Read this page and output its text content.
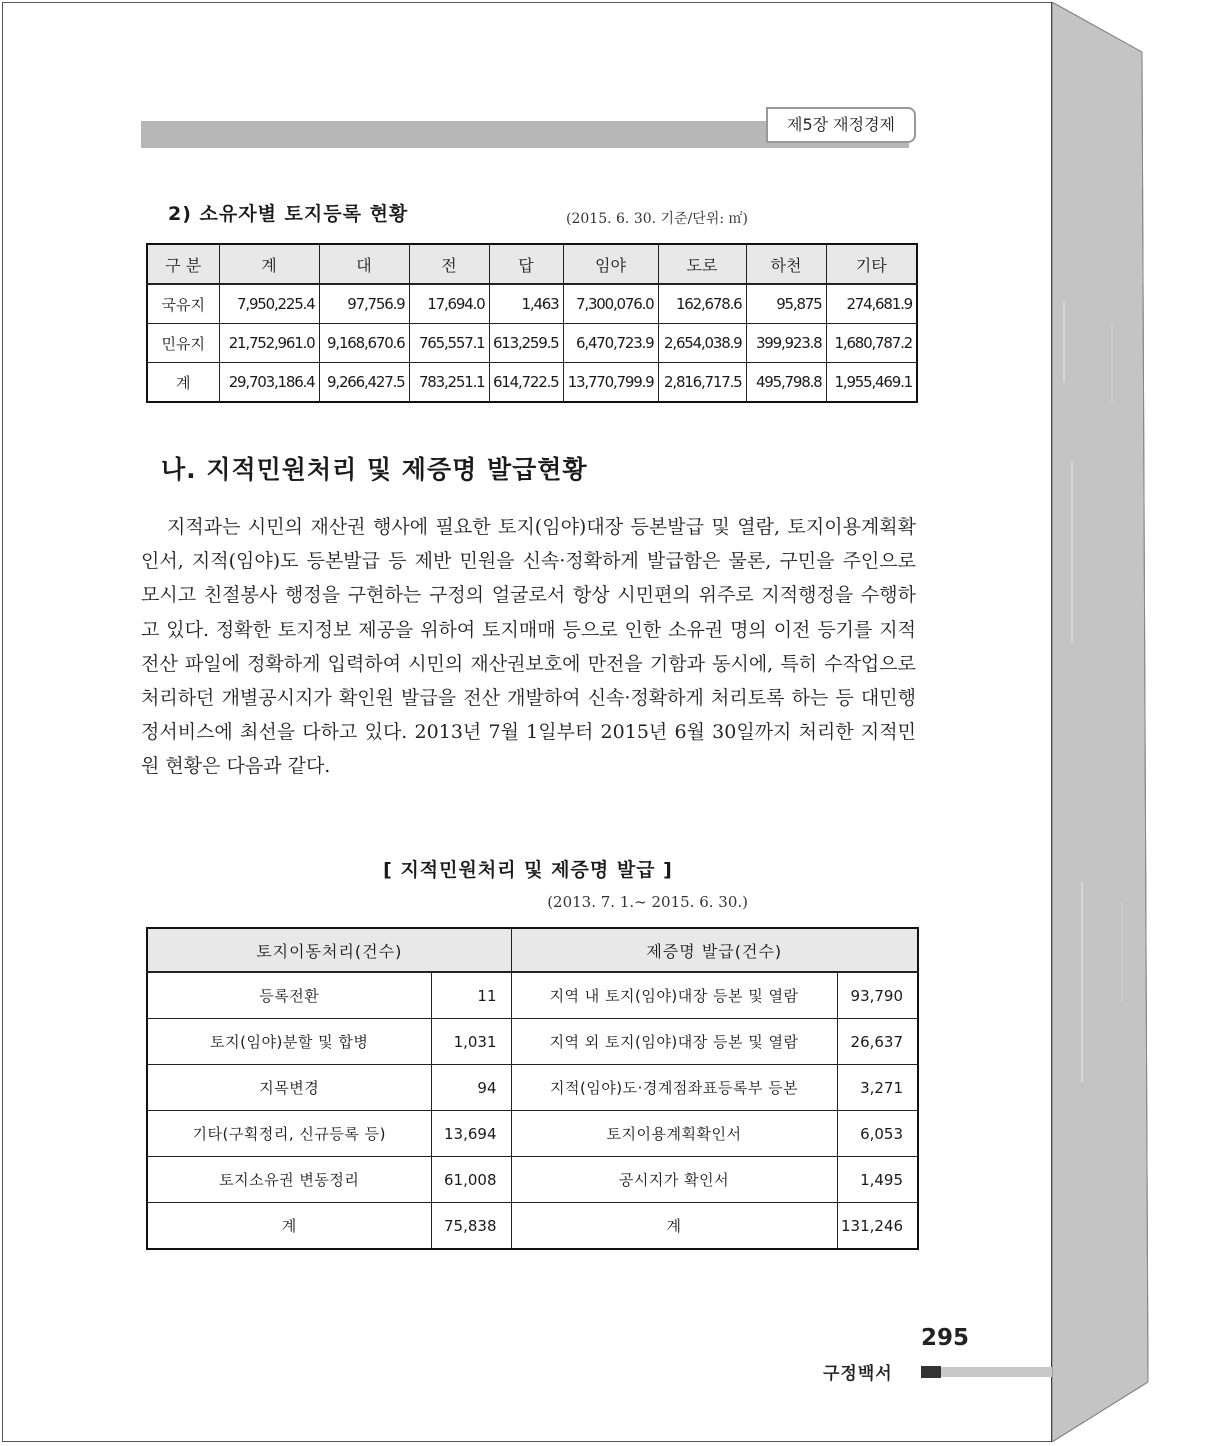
제5장 재정경제
2) 소유자별 토지등록 현황	(2015. 6. 30. 기준/단위: ㎡)
구 분	계	대	전	답	임야	도로	하천	기타
국유지	7,950,225.4	97,756.9	17,694.0	1,463	7,300,076.0	162,678.6	95,875	274,681.9
민유지	21,752,961.0	9,168,670.6	765,557.1	613,259.5	6,470,723.9	2,654,038.9	399,923.8	1,680,787.2
계	29,703,186.4	9,266,427.5	783,251.1	614,722.5	13,770,799.9	2,816,717.5	495,798.8	1,955,469.1
나. 지적민원처리 및 제증명 발급현황

지적과는 시민의 재산권 행사에 필요한 토지(임야)대장 등본발급 및 열람, 토지이용계획확인서, 지적(임야)도 등본발급 등 제반 민원을 신속·정확하게 발급함은 물론, 구민을 주인으로 모시고 친절봉사 행정을 구현하는 구정의 얼굴로서 항상 시민편의 위주로 지적행정을 수행하고 있다. 정확한 토지정보 제공을 위하여 토지매매 등으로 인한 소유권 명의 이전 등기를 지적전산 파일에 정확하게 입력하여 시민의 재산권보호에 만전을 기함과 동시에, 특히 수작업으로 처리하던 개별공시지가 확인원 발급을 전산 개발하여 신속·정확하게 처리토록 하는 등 대민행정서비스에 최선을 다하고 있다. 2013년 7월 1일부터 2015년 6월 30일까지 처리한 지적민원 현황은 다음과 같다.

[ 지적민원처리 및 제증명 발급 ]
(2013. 7. 1.~ 2015. 6. 30.)
토지이동처리(건수)		제증명 발급(건수)	
등록전환	11	지역 내 토지(임야)대장 등본 및 열람	93,790
토지(임야)분할 및 합병	1,031	지역 외 토지(임야)대장 등본 및 열람	26,637
지목변경	94	지적(임야)도·경계점좌표등록부 등본	3,271
기타(구획정리, 신규등록 등)	13,694	토지이용계획확인서	6,053
토지소유권 변동정리	61,008	공시지가 확인서	1,495
계	75,838	계	131,246
295
구정백서
